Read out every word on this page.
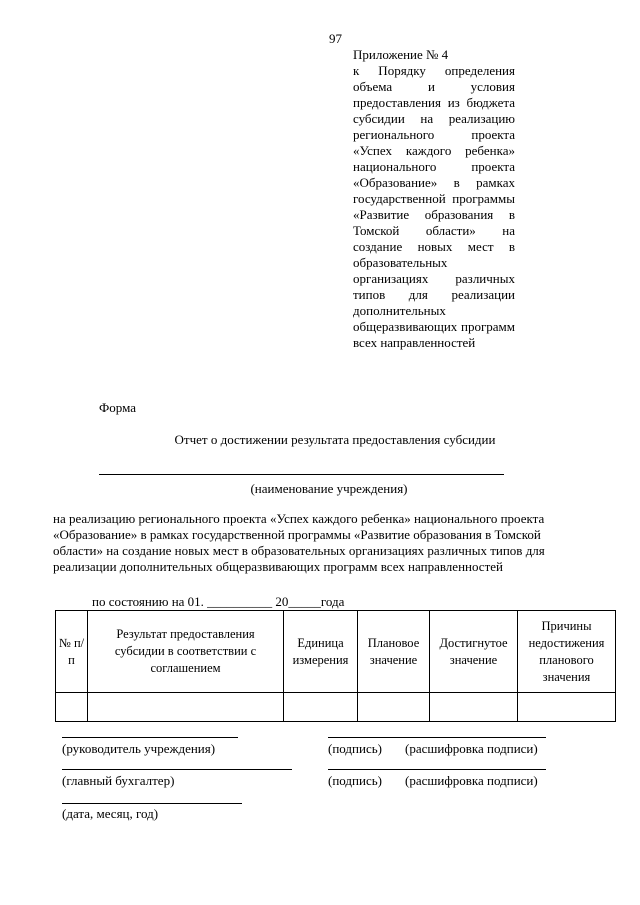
97
Приложение № 4
к Порядку определения объема и условия предоставления из бюджета субсидии на реализацию регионального проекта «Успех каждого ребенка» национального проекта «Образование» в рамках государственной программы «Развитие образования в Томской области» на создание новых мест в образовательных организациях различных типов для реализации дополнительных общеразвивающих программ всех направленностей
Форма
Отчет о достижении результата предоставления субсидии
(наименование учреждения)
на реализацию регионального проекта «Успех каждого ребенка» национального проекта «Образование» в рамках государственной программы «Развитие образования в Томской области» на создание новых мест в образовательных организациях различных типов для реализации дополнительных общеразвивающих программ всех направленностей
по состоянию на 01. __________ 20_____года
№ п/п	Результат предоставления субсидии в соответствии с соглашением	Единица измерения	Плановое значение	Достигнутое значение	Причины недостижения планового значения

(руководитель учреждения)	(подпись) (расшифровка подписи)
(главный бухгалтер)	(подпись) (расшифровка подписи)
(дата, месяц, год)
